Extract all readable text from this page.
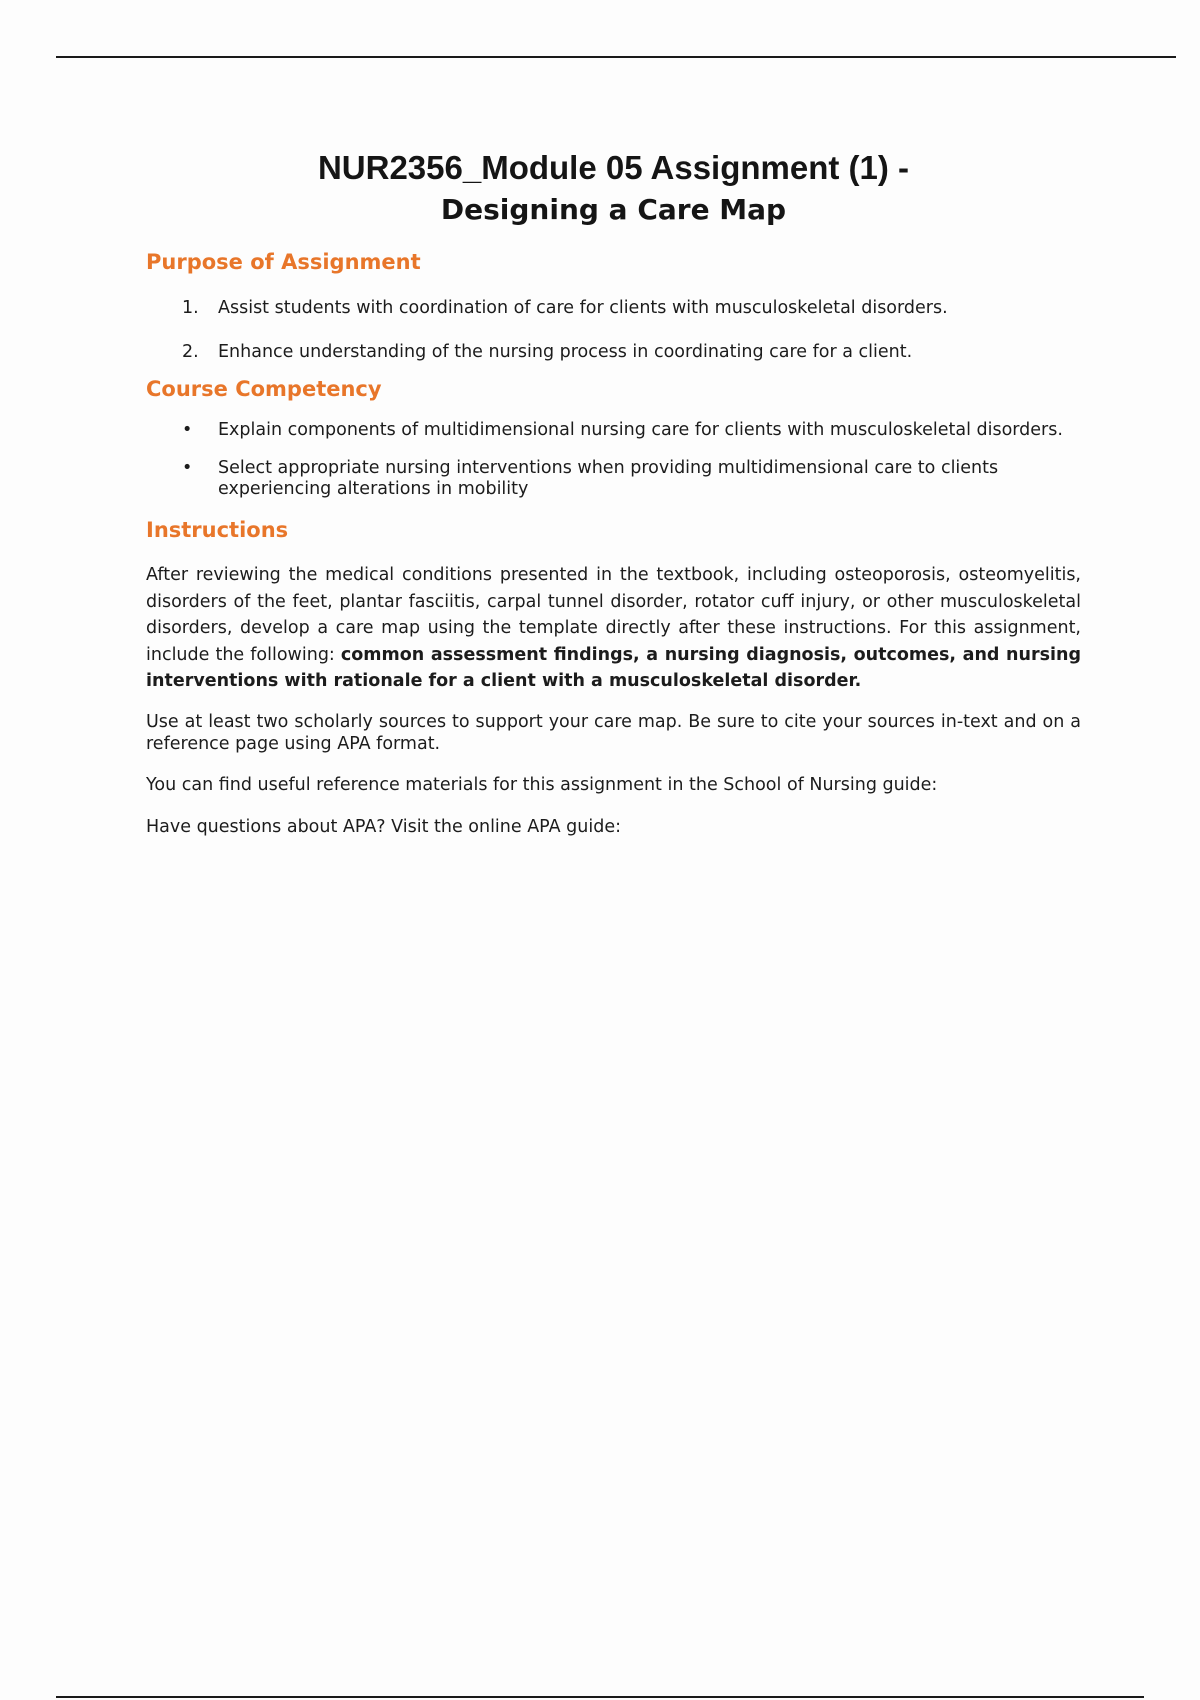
NUR2356_Module 05 Assignment (1) -
Designing a Care Map
Purpose of Assignment
1. Assist students with coordination of care for clients with musculoskeletal disorders.
2. Enhance understanding of the nursing process in coordinating care for a client.
Course Competency
• Explain components of multidimensional nursing care for clients with musculoskeletal disorders.
• Select appropriate nursing interventions when providing multidimensional care to clients experiencing alterations in mobility
Instructions

After reviewing the medical conditions presented in the textbook, including osteoporosis, osteomyelitis, disorders of the feet, plantar fasciitis, carpal tunnel disorder, rotator cuff injury, or other musculoskeletal disorders, develop a care map using the template directly after these instructions. For this assignment, include the following: common assessment findings, a nursing diagnosis, outcomes, and nursing interventions with rationale for a client with a musculoskeletal disorder.

Use at least two scholarly sources to support your care map. Be sure to cite your sources in-text and on a reference page using APA format.

You can find useful reference materials for this assignment in the School of Nursing guide:

Have questions about APA? Visit the online APA guide:
